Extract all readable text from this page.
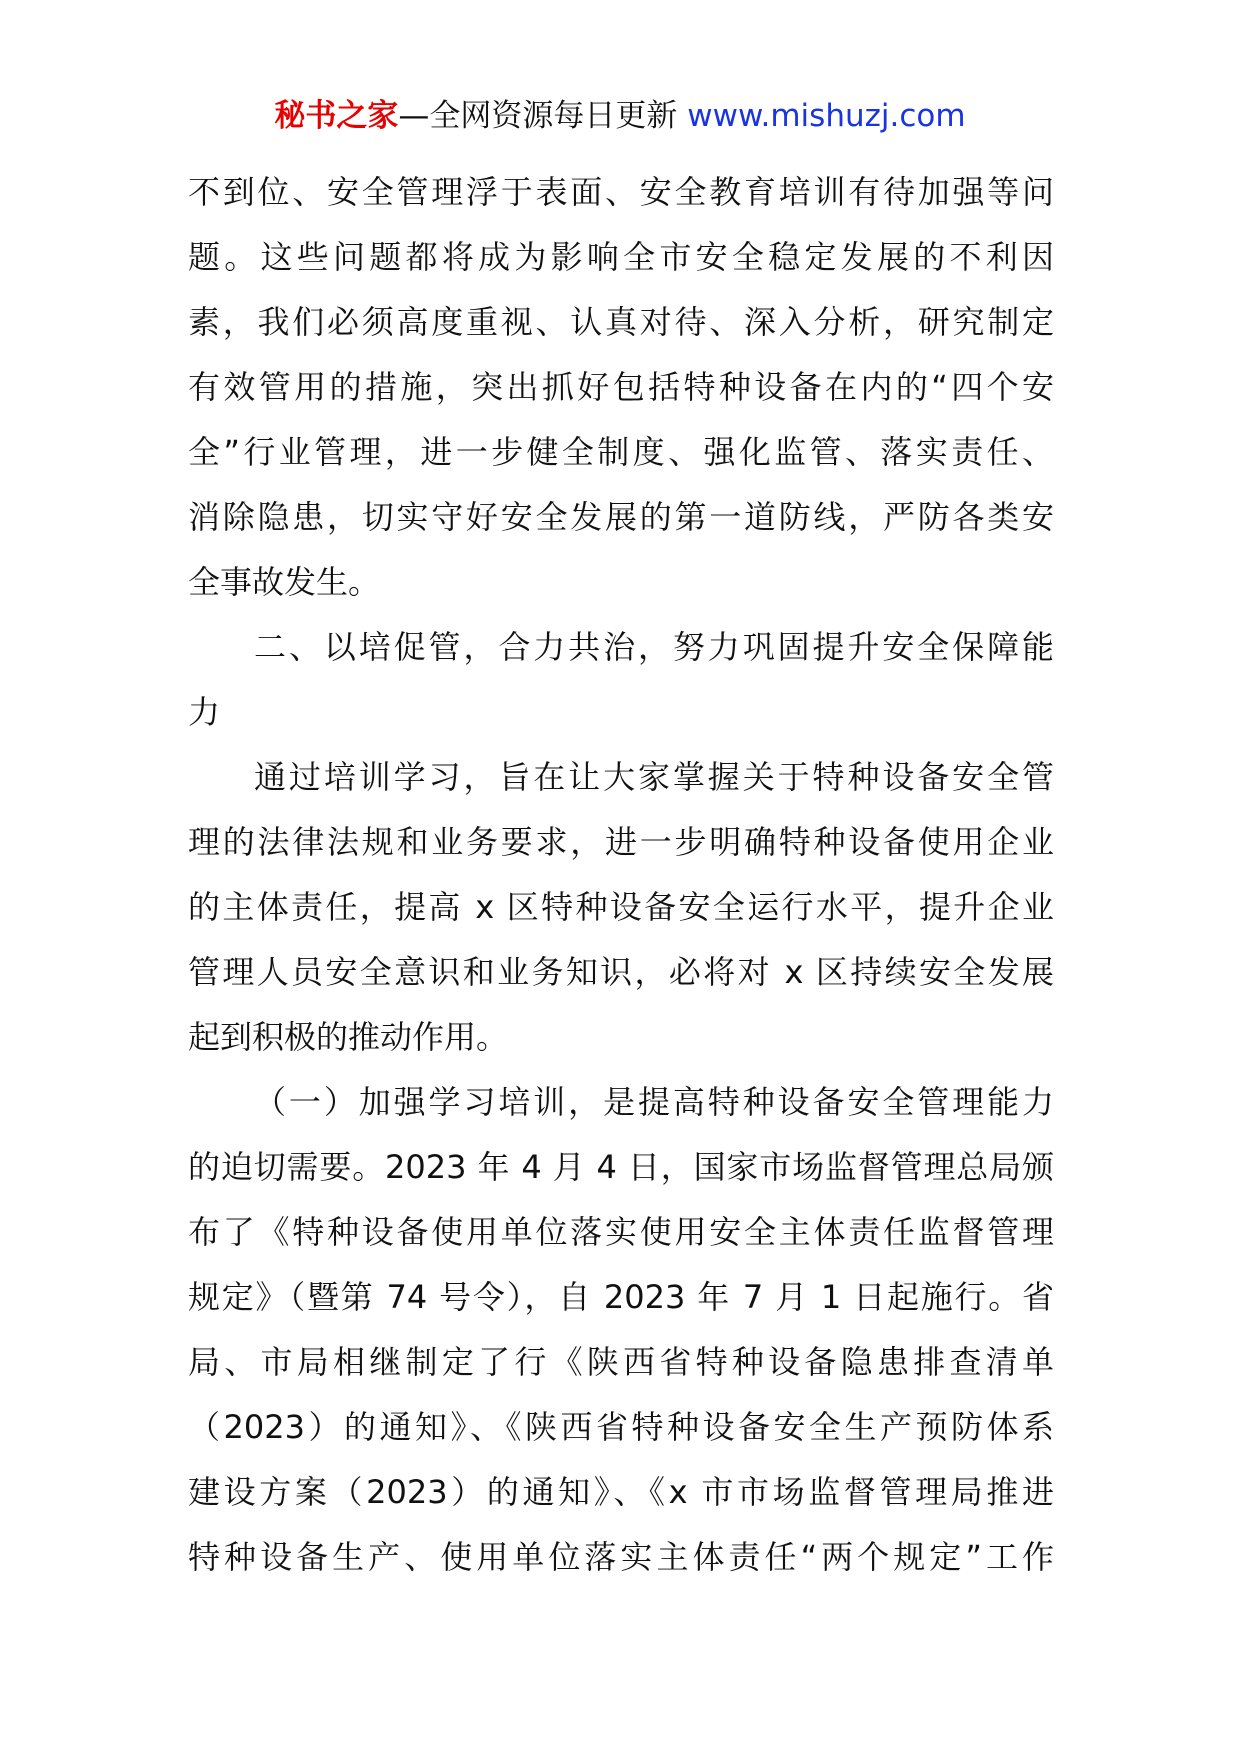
秘书之家—全网资源每日更新 www.mishuzj.com
不到位、安全管理浮于表面、安全教育培训有待加强等问
题。这些问题都将成为影响全市安全稳定发展的不利因
素，我们必须高度重视、认真对待、深入分析，研究制定
有效管用的措施，突出抓好包括特种设备在内的“四个安
全”行业管理，进一步健全制度、强化监管、落实责任、
消除隐患，切实守好安全发展的第一道防线，严防各类安
全事故发生。
二、以培促管，合力共治，努力巩固提升安全保障能
力
通过培训学习，旨在让大家掌握关于特种设备安全管
理的法律法规和业务要求，进一步明确特种设备使用企业
的主体责任，提高 x 区特种设备安全运行水平，提升企业
管理人员安全意识和业务知识，必将对 x 区持续安全发展
起到积极的推动作用。
（一）加强学习培训，是提高特种设备安全管理能力
的迫切需要。2023 年 4 月 4 日，国家市场监督管理总局颁
布了《特种设备使用单位落实使用安全主体责任监督管理
规定》（暨第 74 号令），自 2023 年 7 月 1 日起施行。省
局、市局相继制定了行《陕西省特种设备隐患排查清单
（2023）的通知》、《陕西省特种设备安全生产预防体系
建设方案（2023）的通知》、《x 市市场监督管理局推进
特种设备生产、使用单位落实主体责任“两个规定”工作
